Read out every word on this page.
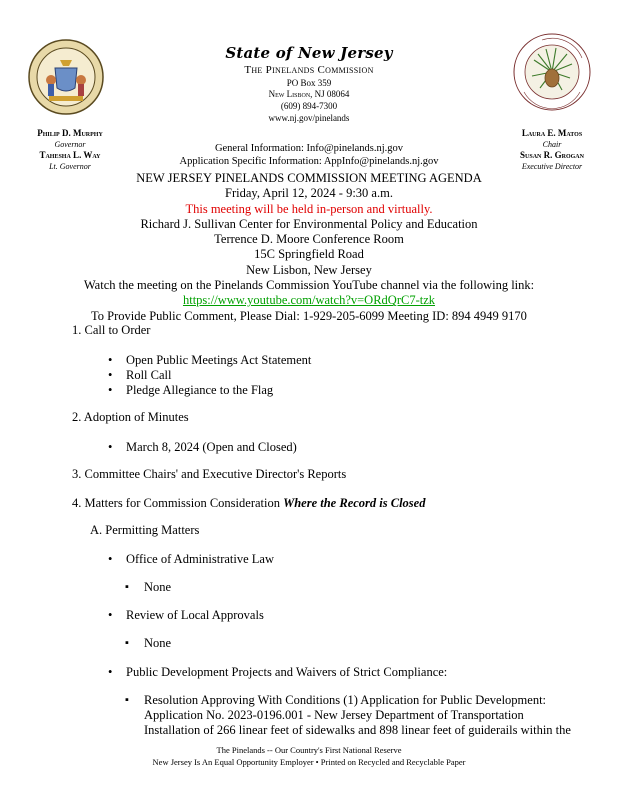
State of New Jersey
The Pinelands Commission
PO Box 359
New Lisbon, NJ 08064
(609) 894-7300
www.nj.gov/pinelands
Philip D. Murphy
Governor
Tahesha L. Way
Lt. Governor
Laura E. Matos
Chair
Susan R. Grogan
Executive Director
General Information: Info@pinelands.nj.gov
Application Specific Information: AppInfo@pinelands.nj.gov
NEW JERSEY PINELANDS COMMISSION MEETING AGENDA
Friday, April 12, 2024 - 9:30 a.m.
This meeting will be held in-person and virtually.
Richard J. Sullivan Center for Environmental Policy and Education
Terrence D. Moore Conference Room
15C Springfield Road
New Lisbon, New Jersey
Watch the meeting on the Pinelands Commission YouTube channel via the following link:
https://www.youtube.com/watch?v=ORdQrC7-tzk
To Provide Public Comment, Please Dial: 1-929-205-6099 Meeting ID: 894 4949 9170
1. Call to Order
• Open Public Meetings Act Statement
• Roll Call
• Pledge Allegiance to the Flag
2. Adoption of Minutes
• March 8, 2024 (Open and Closed)
3. Committee Chairs' and Executive Director's Reports
4. Matters for Commission Consideration Where the Record is Closed
A. Permitting Matters
• Office of Administrative Law
▪ None
• Review of Local Approvals
▪ None
• Public Development Projects and Waivers of Strict Compliance:
▪ Resolution Approving With Conditions (1) Application for Public Development:
Application No. 2023-0196.001 - New Jersey Department of Transportation
Installation of 266 linear feet of sidewalks and 898 linear feet of guiderails within the
The Pinelands -- Our Country's First National Reserve
New Jersey Is An Equal Opportunity Employer • Printed on Recycled and Recyclable Paper
